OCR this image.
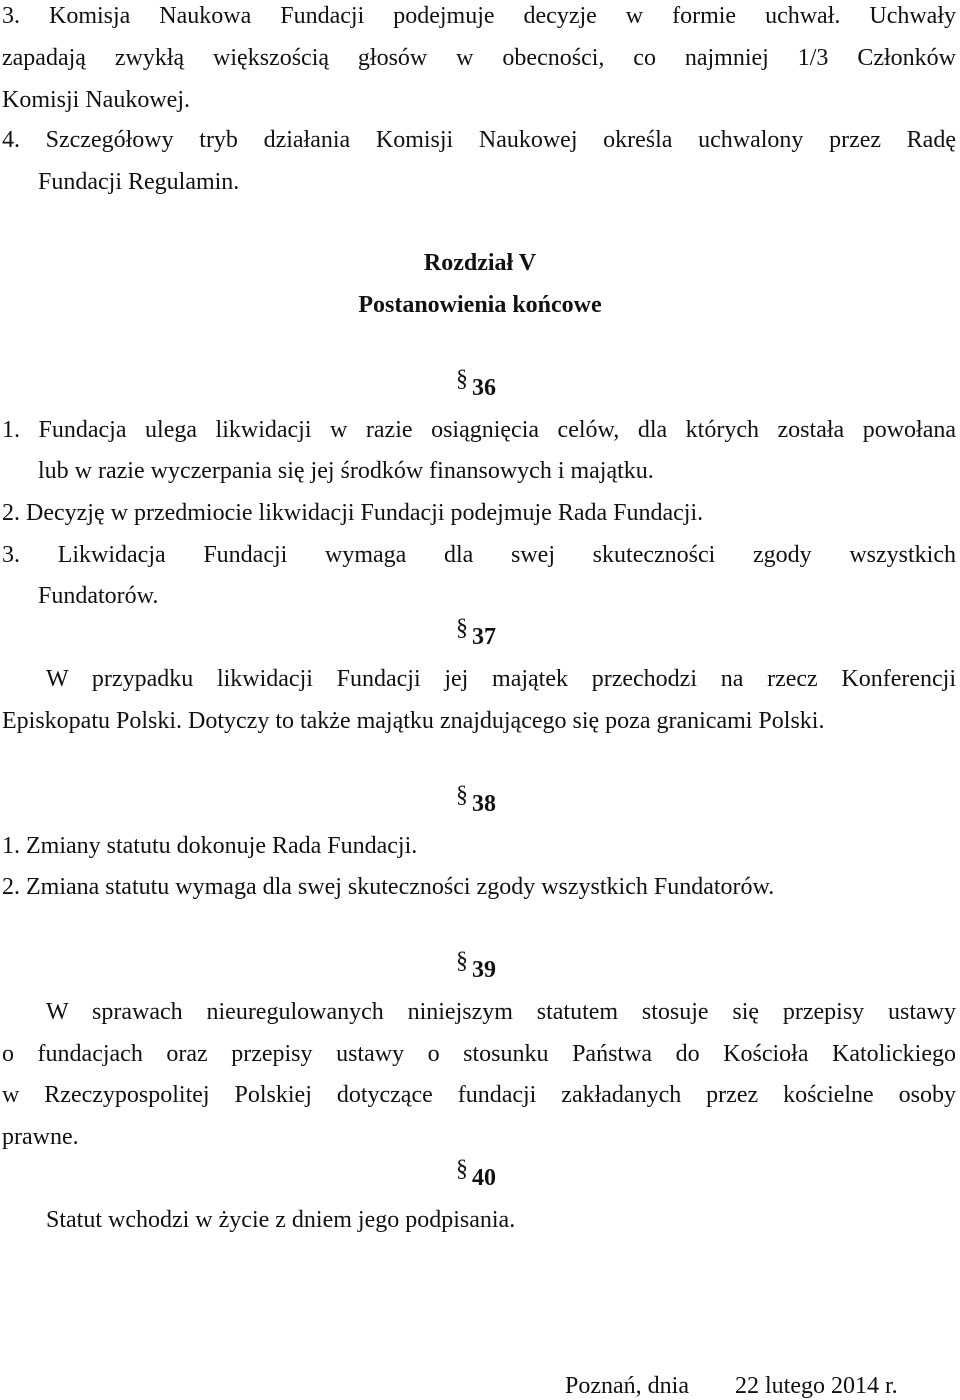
3. Komisja Naukowa Fundacji podejmuje decyzje w formie uchwał. Uchwały
zapadają zwykłą większością głosów w obecności, co najmniej 1/3 Członków
Komisji Naukowej.
4. Szczegółowy tryb działania Komisji Naukowej określa uchwalony przez Radę
Fundacji Regulamin.
Rozdział V
Postanowienia końcowe
§ 36
1. Fundacja ulega likwidacji w razie osiągnięcia celów, dla których została powołana
lub w razie wyczerpania się jej środków finansowych i majątku.
2. Decyzję w przedmiocie likwidacji Fundacji podejmuje Rada Fundacji.
3. Likwidacja Fundacji wymaga dla swej skuteczności zgody wszystkich
Fundatorów.
§ 37
W przypadku likwidacji Fundacji jej majątek przechodzi na rzecz Konferencji
Episkopatu Polski. Dotyczy to także majątku znajdującego się poza granicami Polski.
§ 38
1. Zmiany statutu dokonuje Rada Fundacji.
2. Zmiana statutu wymaga dla swej skuteczności zgody wszystkich Fundatorów.
§ 39
W sprawach nieuregulowanych niniejszym statutem stosuje się przepisy ustawy
o fundacjach oraz przepisy ustawy o stosunku Państwa do Kościoła Katolickiego
w Rzeczypospolitej Polskiej dotyczące fundacji zakładanych przez kościelne osoby
prawne.
§ 40
Statut wchodzi w życie z dniem jego podpisania.
Poznań, dnia 22 lutego 2014 r.
